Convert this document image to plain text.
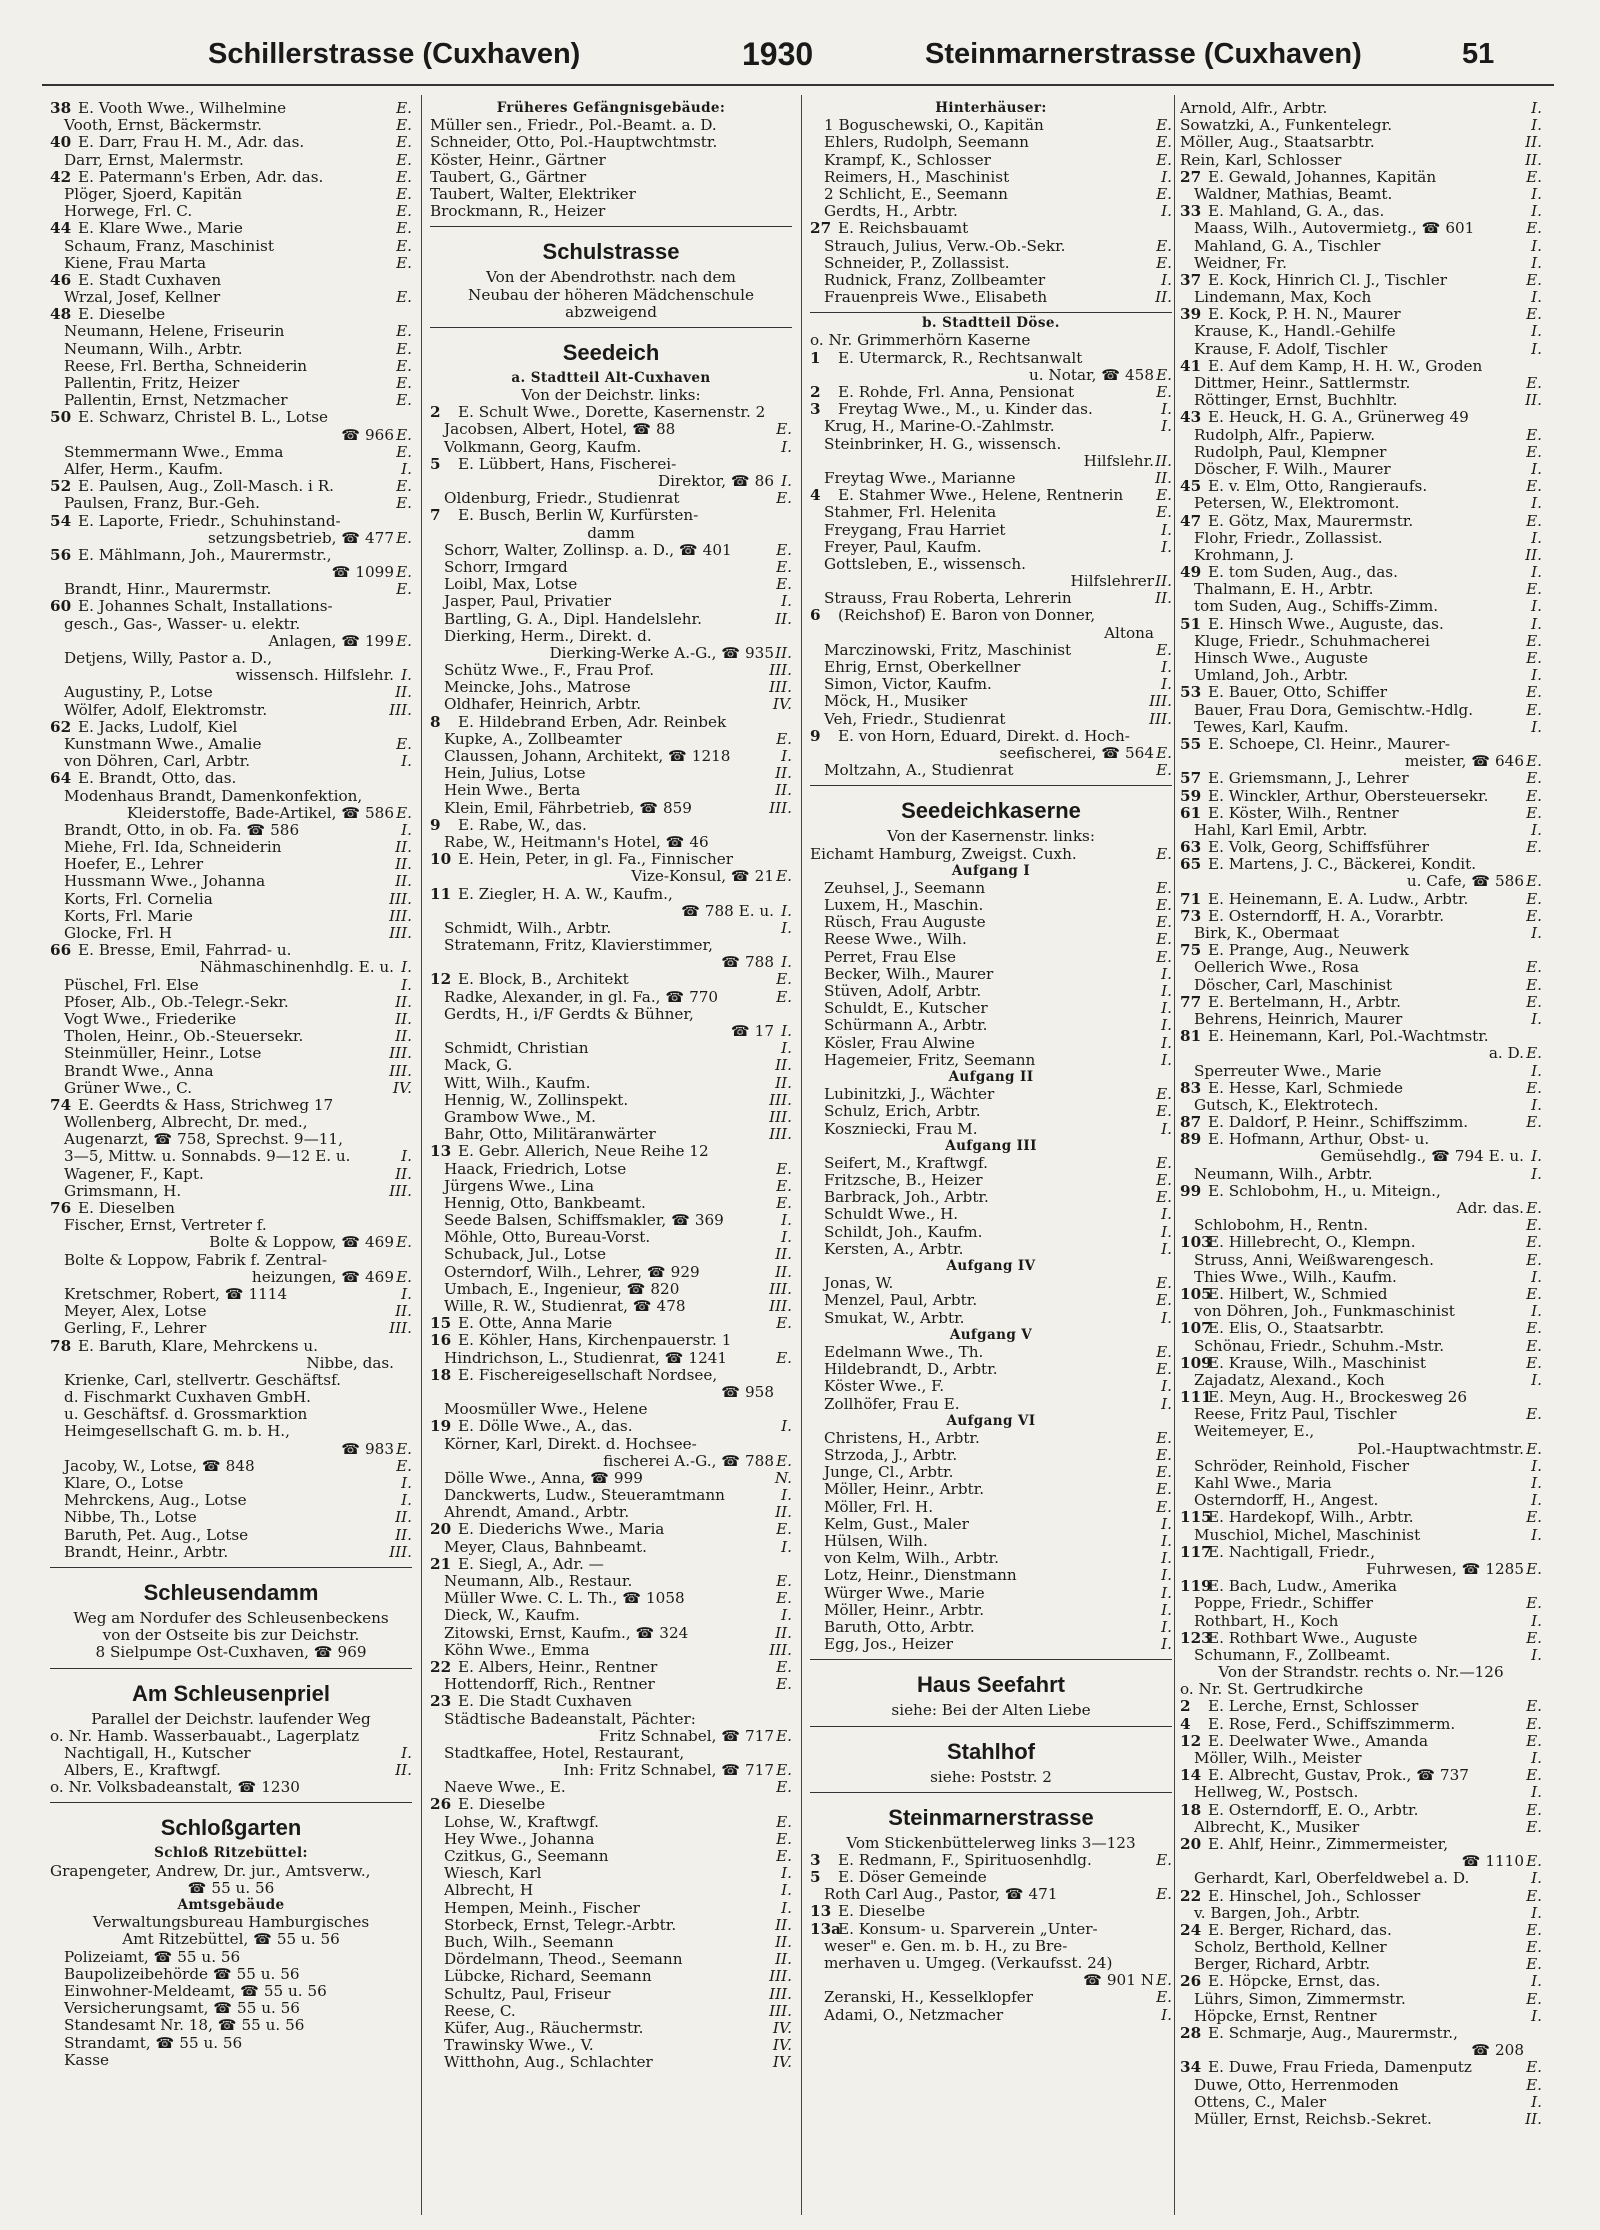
Schillerstrasse (Cuxhaven)	1930	Steinmarnerstrasse (Cuxhaven)	51
38 E. Vooth Wwe., Wilhelmine	E.
Vooth, Ernst, Bäckermstr.	E.
40 E. Darr, Frau H. M., Adr. das.	E.
Darr, Ernst, Malermstr.	E.
42 E. Patermann's Erben, Adr. das.	E.
Plöger, Sjoerd, Kapitän	E.
Horwege, Frl. C.	E.
44 E. Klare Wwe., Marie	E.
Schaum, Franz, Maschinist	E.
Kiene, Frau Marta	E.
46 E. Stadt Cuxhaven
Wrzal, Josef, Kellner	E.
48 E. Dieselbe
Neumann, Helene, Friseurin	E.
Neumann, Wilh., Arbtr.	E.
Reese, Frl. Bertha, Schneiderin	E.
Pallentin, Fritz, Heizer	E.
Pallentin, Ernst, Netzmacher	E.
50 E. Schwarz, Christel B. L., Lotse
☎ 966 E.
Stemmermann Wwe., Emma	E.
Alfer, Herm., Kaufm.	I.
52 E. Paulsen, Aug., Zoll-Masch. i R.	E.
Paulsen, Franz, Bur.-Geh.	E.
54 E. Laporte, Friedr., Schuhinstand-
setzungsbetrieb, ☎ 477 E.
56 E. Mählmann, Joh., Maurermstr.,
☎ 1099 E.
Brandt, Hinr., Maurermstr.	E.
60 E. Johannes Schalt, Installations-
gesch., Gas-, Wasser- u. elektr.
Anlagen, ☎ 199 E.
Detjens, Willy, Pastor a. D.,
wissensch. Hilfslehr. I.
Augustiny, P., Lotse	II.
Wölfer, Adolf, Elektromstr.	III.
62 E. Jacks, Ludolf, Kiel
Kunstmann Wwe., Amalie	E.
von Döhren, Carl, Arbtr.	I.
64 E. Brandt, Otto, das.
Modenhaus Brandt, Damenkonfektion,
Kleiderstoffe, Bade-Artikel, ☎ 586 E.
Brandt, Otto, in ob. Fa. ☎ 586	I.
Miehe, Frl. Ida, Schneiderin	II.
Hoefer, E., Lehrer	II.
Hussmann Wwe., Johanna	II.
Korts, Frl. Cornelia	III.
Korts, Frl. Marie	III.
Glocke, Frl. H	III.
66 E. Bresse, Emil, Fahrrad- u.
Nähmaschinenhdlg. E. u. I.
Püschel, Frl. Else	I.
Pfoser, Alb., Ob.-Telegr.-Sekr.	II.
Vogt Wwe., Friederike	II.
Tholen, Heinr., Ob.-Steuersekr.	II.
Steinmüller, Heinr., Lotse	III.
Brandt Wwe., Anna	III.
Grüner Wwe., C.	IV.
74 E. Geerdts & Hass, Strichweg 17
Wollenberg, Albrecht, Dr. med.,
Augenarzt, ☎ 758, Sprechst. 9—11,
3—5, Mittw. u. Sonnabds. 9—12 E. u.	I.
Wagener, F., Kapt.	II.
Grimsmann, H.	III.
76 E. Dieselben
Fischer, Ernst, Vertreter f.
Bolte & Loppow, ☎ 469 E.
Bolte & Loppow, Fabrik f. Zentral-
heizungen, ☎ 469 E.
Kretschmer, Robert, ☎ 1114	I.
Meyer, Alex, Lotse	II.
Gerling, F., Lehrer	III.
78 E. Baruth, Klare, Mehrckens u.
Nibbe, das.
Krienke, Carl, stellvertr. Geschäftsf.
d. Fischmarkt Cuxhaven GmbH.
u. Geschäftsf. d. Grossmarktion
Heimgesellschaft G. m. b. H.,
☎ 983 E.
Jacoby, W., Lotse, ☎ 848	E.
Klare, O., Lotse	I.
Mehrckens, Aug., Lotse	I.
Nibbe, Th., Lotse	II.
Baruth, Pet. Aug., Lotse	II.
Brandt, Heinr., Arbtr.	III.
Schleusendamm
Weg am Nordufer des Schleusenbeckens
von der Ostseite bis zur Deichstr.
8 Sielpumpe Ost-Cuxhaven, ☎ 969
Am Schleusenpriel
Parallel der Deichstr. laufender Weg
o. Nr. Hamb. Wasserbauabt., Lagerplatz
Nachtigall, H., Kutscher	I.
Albers, E., Kraftwgf.	II.
o. Nr. Volksbadeanstalt, ☎ 1230
Schloßgarten
Schloß Ritzebüttel:
Grapengeter, Andrew, Dr. jur., Amtsverw.,
☎ 55 u. 56
Amtsgebäude
Verwaltungsbureau Hamburgisches
Amt Ritzebüttel, ☎ 55 u. 56
Polizeiamt, ☎ 55 u. 56
Baupolizeibehörde ☎ 55 u. 56
Einwohner-Meldeamt, ☎ 55 u. 56
Versicherungsamt, ☎ 55 u. 56
Standesamt Nr. 18, ☎ 55 u. 56
Strandamt, ☎ 55 u. 56
Kasse
Früheres Gefängnisgebäude:
Müller sen., Friedr., Pol.-Beamt. a. D.
Schneider, Otto, Pol.-Hauptwchtmstr.
Köster, Heinr., Gärtner
Taubert, G., Gärtner
Taubert, Walter, Elektriker
Brockmann, R., Heizer
Schulstrasse
Von der Abendrothstr. nach dem
Neubau der höheren Mädchenschule
abzweigend
Seedeich
a. Stadtteil Alt-Cuxhaven
Von der Deichstr. links:
2 E. Schult Wwe., Dorette, Kasernenstr. 2
Jacobsen, Albert, Hotel, ☎ 88	E.
Volkmann, Georg, Kaufm.	I.
5 E. Lübbert, Hans, Fischerei-
Direktor, ☎ 86 I.
Oldenburg, Friedr., Studienrat	E.
7 E. Busch, Berlin W, Kurfürsten-
damm
Schorr, Walter, Zollinsp. a. D., ☎ 401	E.
Schorr, Irmgard	E.
Loibl, Max, Lotse	E.
Jasper, Paul, Privatier	I.
Bartling, G. A., Dipl. Handelslehr.	II.
Dierking, Herm., Direkt. d.
Dierking-Werke A.-G., ☎ 935 II.
Schütz Wwe., F., Frau Prof.	III.
Meincke, Johs., Matrose	III.
Oldhafer, Heinrich, Arbtr.	IV.
8 E. Hildebrand Erben, Adr. Reinbek
Kupke, A., Zollbeamter	E.
Claussen, Johann, Architekt, ☎ 1218	I.
Hein, Julius, Lotse	II.
Hein Wwe., Berta	II.
Klein, Emil, Fährbetrieb, ☎ 859	III.
9 E. Rabe, W., das.
Rabe, W., Heitmann's Hotel, ☎ 46
10 E. Hein, Peter, in gl. Fa., Finnischer
Vize-Konsul, ☎ 21 E.
11 E. Ziegler, H. A. W., Kaufm.,
☎ 788 E. u. I.
Schmidt, Wilh., Arbtr.	I.
Stratemann, Fritz, Klavierstimmer,
☎ 788 I.
12 E. Block, B., Architekt	E.
Radke, Alexander, in gl. Fa., ☎ 770	E.
Gerdts, H., i/F Gerdts & Bühner,
☎ 17 I.
Schmidt, Christian	I.
Mack, G.	II.
Witt, Wilh., Kaufm.	II.
Hennig, W., Zollinspekt.	III.
Grambow Wwe., M.	III.
Bahr, Otto, Militäranwärter	III.
13 E. Gebr. Allerich, Neue Reihe 12
Haack, Friedrich, Lotse	E.
Jürgens Wwe., Lina	E.
Hennig, Otto, Bankbeamt.	E.
Seede Balsen, Schiffsmakler, ☎ 369	I.
Möhle, Otto, Bureau-Vorst.	I.
Schuback, Jul., Lotse	II.
Osterndorf, Wilh., Lehrer, ☎ 929	II.
Umbach, E., Ingenieur, ☎ 820	III.
Wille, R. W., Studienrat, ☎ 478	III.
15 E. Otte, Anna Marie	E.
16 E. Köhler, Hans, Kirchenpauerstr. 1
Hindrichson, L., Studienrat, ☎ 1241	E.
18 E. Fischereigesellschaft Nordsee,
☎ 958
Moosmüller Wwe., Helene
19 E. Dölle Wwe., A., das.	I.
Körner, Karl, Direkt. d. Hochsee-
fischerei A.-G., ☎ 788 E.
Dölle Wwe., Anna, ☎ 999	N.
Danckwerts, Ludw., Steueramtmann	I.
Ahrendt, Amand., Arbtr.	II.
20 E. Diederichs Wwe., Maria	E.
Meyer, Claus, Bahnbeamt.	I.
21 E. Siegl, A., Adr. —
Neumann, Alb., Restaur.	E.
Müller Wwe. C. L. Th., ☎ 1058	E.
Dieck, W., Kaufm.	I.
Zitowski, Ernst, Kaufm., ☎ 324	II.
Köhn Wwe., Emma	III.
22 E. Albers, Heinr., Rentner	E.
Hottendorff, Rich., Rentner	E.
23 E. Die Stadt Cuxhaven
Städtische Badeanstalt, Pächter:
Fritz Schnabel, ☎ 717 E.
Stadtkaffee, Hotel, Restaurant,
Inh: Fritz Schnabel, ☎ 717 E.
Naeve Wwe., E.	E.
26 E. Dieselbe
Lohse, W., Kraftwgf.	E.
Hey Wwe., Johanna	E.
Czitkus, G., Seemann	E.
Wiesch, Karl	I.
Albrecht, H	I.
Hempen, Meinh., Fischer	I.
Storbeck, Ernst, Telegr.-Arbtr.	II.
Buch, Wilh., Seemann	II.
Dördelmann, Theod., Seemann	II.
Lübcke, Richard, Seemann	III.
Schultz, Paul, Friseur	III.
Reese, C.	III.
Küfer, Aug., Räuchermstr.	IV.
Trawinsky Wwe., V.	IV.
Witthohn, Aug., Schlachter	IV.
Hinterhäuser:
1 Boguschewski, O., Kapitän	E.
Ehlers, Rudolph, Seemann	E.
Krampf, K., Schlosser	E.
Reimers, H., Maschinist	I.
2 Schlicht, E., Seemann	E.
Gerdts, H., Arbtr.	I.
27 E. Reichsbauamt
Strauch, Julius, Verw.-Ob.-Sekr.	E.
Schneider, P., Zollassist.	E.
Rudnick, Franz, Zollbeamter	I.
Frauenpreis Wwe., Elisabeth	II.
b. Stadtteil Döse.
o. Nr. Grimmerhörn Kaserne
1 E. Utermarck, R., Rechtsanwalt
u. Notar, ☎ 458 E.
2 E. Rohde, Frl. Anna, Pensionat	E.
3 Freytag Wwe., M., u. Kinder das.	I.
Krug, H., Marine-O.-Zahlmstr.	I.
Steinbrinker, H. G., wissensch.
Hilfslehr. II.
Freytag Wwe., Marianne	II.
4 E. Stahmer Wwe., Helene, Rentnerin E.
Stahmer, Frl. Helenita	E.
Freygang, Frau Harriet	I.
Freyer, Paul, Kaufm.	I.
Gottsleben, E., wissensch.
Hilfslehrer II.
Strauss, Frau Roberta, Lehrerin	II.
6 (Reichshof) E. Baron von Donner,
Altona
Marczinowski, Fritz, Maschinist	E.
Ehrig, Ernst, Oberkellner	I.
Simon, Victor, Kaufm.	I.
Möck, H., Musiker	III.
Veh, Friedr., Studienrat	III.
9 E. von Horn, Eduard, Direkt. d. Hoch-
seefischerei, ☎ 564 E.
Moltzahn, A., Studienrat	E.
Seedeichkaserne
Von der Kasernenstr. links:
Eichamt Hamburg, Zweigst. Cuxh.	E.
Aufgang I
Zeuhsel, J., Seemann	E.
Luxem, H., Maschin.	E.
Rüsch, Frau Auguste	E.
Reese Wwe., Wilh.	E.
Perret, Frau Else	E.
Becker, Wilh., Maurer	I.
Stüven, Adolf, Arbtr.	I.
Schuldt, E., Kutscher	I.
Schürmann A., Arbtr.	I.
Kösler, Frau Alwine	I.
Hagemeier, Fritz, Seemann	I.
Aufgang II
Lubinitzki, J., Wächter	E.
Schulz, Erich, Arbtr.	E.
Koszniecki, Frau M.	I.
Aufgang III
Seifert, M., Kraftwgf.	E.
Fritzsche, B., Heizer	E.
Barbrack, Joh., Arbtr.	E.
Schuldt Wwe., H.	I.
Schildt, Joh., Kaufm.	I.
Kersten, A., Arbtr.	I.
Aufgang IV
Jonas, W.	E.
Menzel, Paul, Arbtr.	E.
Smukat, W., Arbtr.	I.
Aufgang V
Edelmann Wwe., Th.	E.
Hildebrandt, D., Arbtr.	E.
Köster Wwe., F.	I.
Zollhöfer, Frau E.	I.
Aufgang VI
Christens, H., Arbtr.	E.
Strzoda, J., Arbtr.	E.
Junge, Cl., Arbtr.	E.
Möller, Heinr., Arbtr.	E.
Möller, Frl. H.	E.
Kelm, Gust., Maler	I.
Hülsen, Wilh.	I.
von Kelm, Wilh., Arbtr.	I.
Lotz, Heinr., Dienstmann	I.
Würger Wwe., Marie	I.
Möller, Heinr., Arbtr.	I.
Baruth, Otto, Arbtr.	I.
Egg, Jos., Heizer	I.
Haus Seefahrt
siehe: Bei der Alten Liebe
Stahlhof
siehe: Poststr. 2
Steinmarnerstrasse
Vom Stickenbüttelerweg links 3—123
3 E. Redmann, F., Spirituosenhdlg.	E.
5 E. Döser Gemeinde
Roth Carl Aug., Pastor, ☎ 471	E.
13 E. Dieselbe
13aE. Konsum- u. Sparverein „Unter-
weser" e. Gen. m. b. H., zu Bre-
merhaven u. Umgeg. (Verkaufsst. 24)
☎ 901 N E.
Zeranski, H., Kesselklopfer	E.
Adami, O., Netzmacher	I.
Arnold, Alfr., Arbtr.	I.
Sowatzki, A., Funkentelegr.	I.
Möller, Aug., Staatsarbtr.	II.
Rein, Karl, Schlosser	II.
27 E. Gewald, Johannes, Kapitän	E.
Waldner, Mathias, Beamt.	I.
33 E. Mahland, G. A., das.	I.
Maass, Wilh., Autovermietg., ☎ 601	E.
Mahland, G. A., Tischler	I.
Weidner, Fr.	I.
37 E. Kock, Hinrich Cl. J., Tischler	E.
Lindemann, Max, Koch	I.
39 E. Kock, P. H. N., Maurer	E.
Krause, K., Handl.-Gehilfe	I.
Krause, F. Adolf, Tischler	I.
41 E. Auf dem Kamp, H. H. W., Groden
Dittmer, Heinr., Sattlermstr.	E.
Röttinger, Ernst, Buchhltr.	II.
43 E. Heuck, H. G. A., Grünerweg 49
Rudolph, Alfr., Papierw.	E.
Rudolph, Paul, Klempner	E.
Döscher, F. Wilh., Maurer	I.
45 E. v. Elm, Otto, Rangieraufs.	E.
Petersen, W., Elektromont.	I.
47 E. Götz, Max, Maurermstr.	E.
Flohr, Friedr., Zollassist.	I.
Krohmann, J.	II.
49 E. tom Suden, Aug., das.	I.
Thalmann, E. H., Arbtr.	E.
tom Suden, Aug., Schiffs-Zimm.	I.
51 E. Hinsch Wwe., Auguste, das.	I.
Kluge, Friedr., Schuhmacherei	E.
Hinsch Wwe., Auguste	E.
Umland, Joh., Arbtr.	I.
53 E. Bauer, Otto, Schiffer	E.
Bauer, Frau Dora, Gemischtw.-Hdlg.	E.
Tewes, Karl, Kaufm.	I.
55 E. Schoepe, Cl. Heinr., Maurer-
meister, ☎ 646 E.
57 E. Griemsmann, J., Lehrer	E.
59 E. Winckler, Arthur, Obersteuersekr. E.
61 E. Köster, Wilh., Rentner	E.
Hahl, Karl Emil, Arbtr.	I.
63 E. Volk, Georg, Schiffsführer	E.
65 E. Martens, J. C., Bäckerei, Kondit.
u. Cafe, ☎ 586 E.
71 E. Heinemann, E. A. Ludw., Arbtr.	E.
73 E. Osterndorff, H. A., Vorarbtr.	E.
Birk, K., Obermaat	I.
75 E. Prange, Aug., Neuwerk
Oellerich Wwe., Rosa	E.
Döscher, Carl, Maschinist	E.
77 E. Bertelmann, H., Arbtr.	E.
Behrens, Heinrich, Maurer	I.
81 E. Heinemann, Karl, Pol.-Wachtmstr.
a. D. E.
Sperreuter Wwe., Marie	I.
83 E. Hesse, Karl, Schmiede	E.
Gutsch, K., Elektrotech.	I.
87 E. Daldorf, P. Heinr., Schiffszimm.	E.
89 E. Hofmann, Arthur, Obst- u.
Gemüsehdlg., ☎ 794 E. u. I.
Neumann, Wilh., Arbtr.	I.
99 E. Schlobohm, H., u. Miteign.,
Adr. das. E.
Schlobohm, H., Rentn.	E.
103E. Hillebrecht, O., Klempn.	E.
Struss, Anni, Weißwarengesch.	E.
Thies Wwe., Wilh., Kaufm.	I.
105E. Hilbert, W., Schmied	E.
von Döhren, Joh., Funkmaschinist	I.
107E. Elis, O., Staatsarbtr.	E.
Schönau, Friedr., Schuhm.-Mstr.	E.
109E. Krause, Wilh., Maschinist	E.
Zajadatz, Alexand., Koch	I.
111E. Meyn, Aug. H., Brockesweg 26
Reese, Fritz Paul, Tischler	E.
Weitemeyer, E.,
Pol.-Hauptwachtmstr. E.
Schröder, Reinhold, Fischer	I.
Kahl Wwe., Maria	I.
Osterndorff, H., Angest.	I.
115E. Hardekopf, Wilh., Arbtr.	E.
Muschiol, Michel, Maschinist	I.
117E. Nachtigall, Friedr.,
Fuhrwesen, ☎ 1285 E.
119E. Bach, Ludw., Amerika
Poppe, Friedr., Schiffer	E.
Rothbart, H., Koch	I.
123E. Rothbart Wwe., Auguste	E.
Schumann, F., Zollbeamt.	I.
Von der Strandstr. rechts o. Nr.—126
o. Nr. St. Gertrudkirche
2 E. Lerche, Ernst, Schlosser	E.
4 E. Rose, Ferd., Schiffszimmerm.	E.
12 E. Deelwater Wwe., Amanda	E.
Möller, Wilh., Meister	I.
14 E. Albrecht, Gustav, Prok., ☎ 737	E.
Hellweg, W., Postsch.	I.
18 E. Osterndorff, E. O., Arbtr.	E.
Albrecht, K., Musiker	E.
20 E. Ahlf, Heinr., Zimmermeister,
☎ 1110 E.
Gerhardt, Karl, Oberfeldwebel a. D.	I.
22 E. Hinschel, Joh., Schlosser	E.
v. Bargen, Joh., Arbtr.	I.
24 E. Berger, Richard, das.	E.
Scholz, Berthold, Kellner	E.
Berger, Richard, Arbtr.	E.
26 E. Höpcke, Ernst, das.	I.
Lührs, Simon, Zimmermstr.	E.
Höpcke, Ernst, Rentner	I.
28 E. Schmarje, Aug., Maurermstr.,
☎ 208
34 E. Duwe, Frau Frieda, Damenputz	E.
Duwe, Otto, Herrenmoden	E.
Ottens, C., Maler	I.
Müller, Ernst, Reichsb.-Sekret.	II.
